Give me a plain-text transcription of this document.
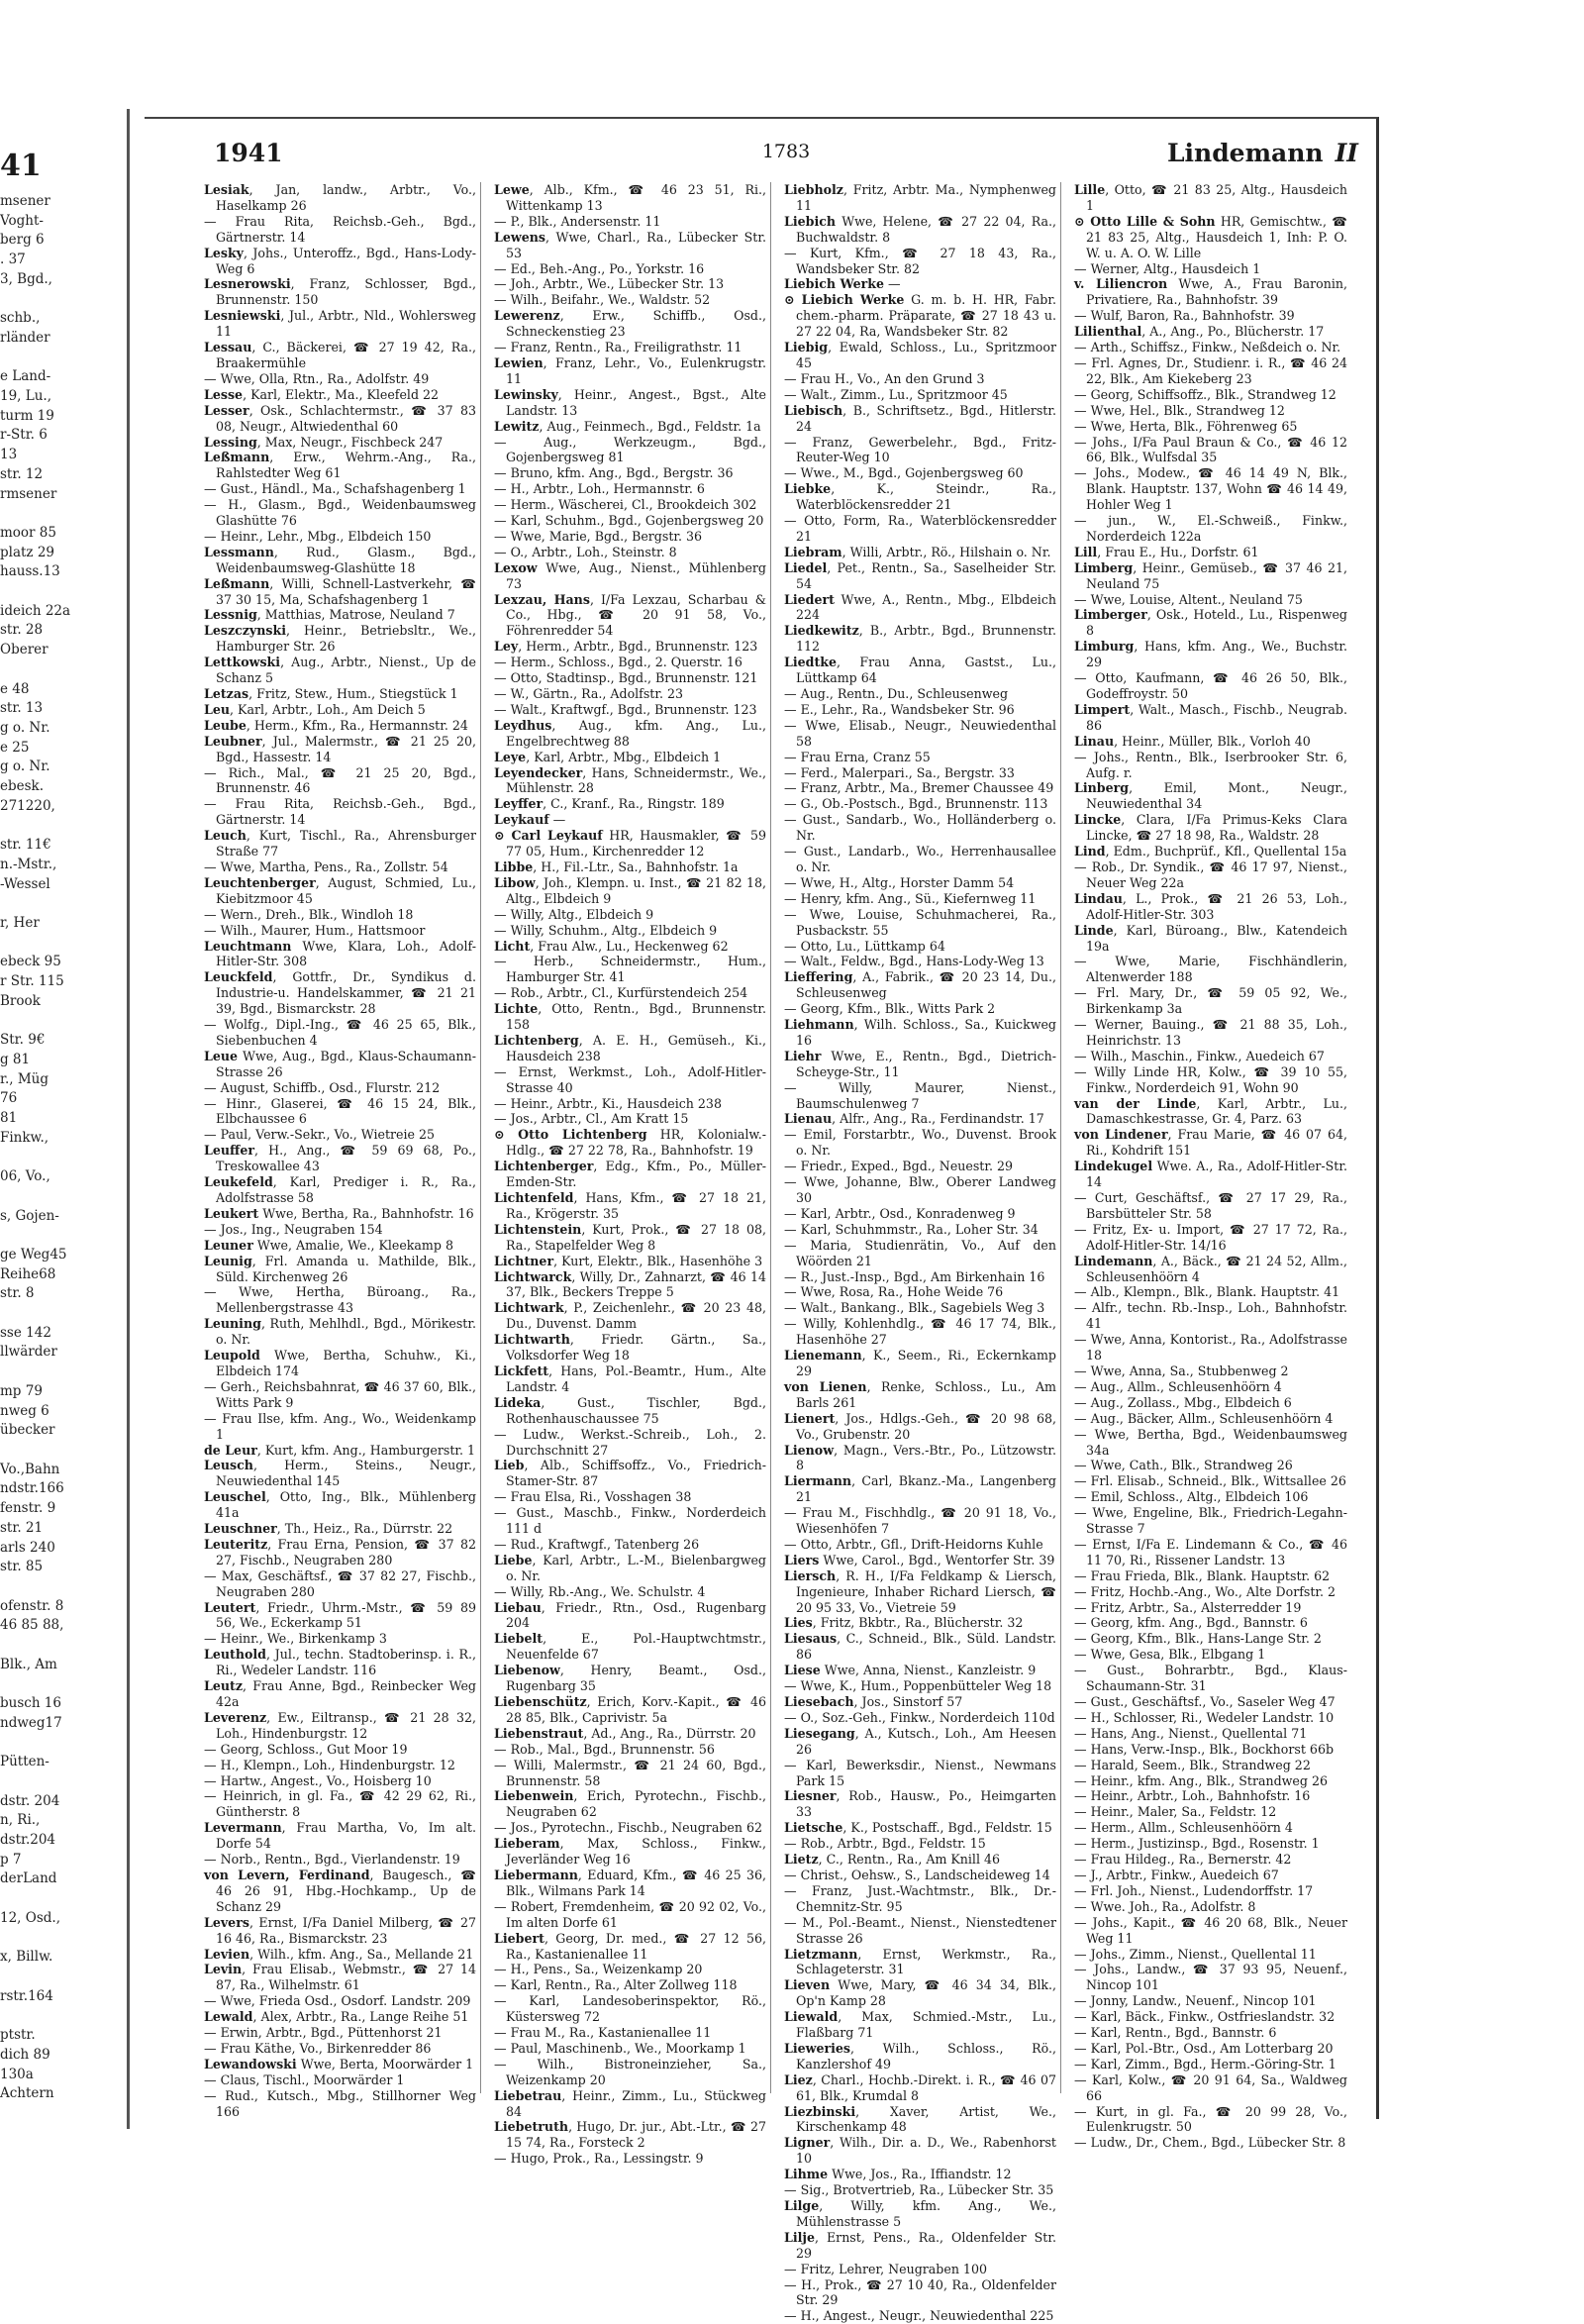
41
msener
Voght-
berg 6
. 37
3, Bgd.,

schb.,
rländer

e Land-
19, Lu.,
turm 19
r-Str. 6
13
str. 12
rmsener

moor 85
platz 29
hauss.13

ideich 22a
str. 28
Oberer

e 48
str. 13
g o. Nr.
e 25
g o. Nr.
ebesk.
271220,

str. 11€
n.-Mstr.,
-Wessel

r, Her

ebeck 95
r Str. 115
Brook

Str. 9€
g 81
r., Müg
76
81
Finkw.,

06, Vo.,

s, Gojen-

ge Weg45
Reihe68
str. 8

sse 142
llwärder

mp 79
nweg 6
übecker

Vo.,Bahn
ndstr.166
fenstr. 9
str. 21
arls 240
str. 85

ofenstr. 8
46 85 88,

Blk., Am

busch 16
ndweg17

Pütten-

dstr. 204
n, Ri.,
dstr.204
p 7
derLand

12, Osd.,

x, Billw.

rstr.164

ptstr.
dich 89
130a
Achtern
1941	1783	Lindemann II

Lesiak, Jan, landw., Arbtr., Vo., Haselkamp 26

— Frau Rita, Reichsb.-Geh., Bgd., Gärtnerstr. 14

Lesky, Johs., Unteroffz., Bgd., Hans-Lody-Weg 6

Lesnerowski, Franz, Schlosser, Bgd., Brunnenstr. 150

Lesniewski, Jul., Arbtr., Nld., Wohlersweg 11

Lessau, C., Bäckerei, ☎ 27 19 42, Ra., Braakermühle

— Wwe, Olla, Rtn., Ra., Adolfstr. 49

Lesse, Karl, Elektr., Ma., Kleefeld 22

Lesser, Osk., Schlachtermstr., ☎ 37 83 08, Neugr., Altwiedenthal 60

Lessing, Max, Neugr., Fischbeck 247

Leßmann, Erw., Wehrm.-Ang., Ra., Rahlstedter Weg 61

— Gust., Händl., Ma., Schafshagenberg 1

— H., Glasm., Bgd., Weidenbaumsweg Glashütte 76

— Heinr., Lehr., Mbg., Elbdeich 150

Lessmann, Rud., Glasm., Bgd., Weidenbaumsweg-Glashütte 18

Leßmann, Willi, Schnell-Lastverkehr, ☎ 37 30 15, Ma, Schafshagenberg 1

Lessnig, Matthias, Matrose, Neuland 7

Leszczynski, Heinr., Betriebsltr., We., Hamburger Str. 26

Lettkowski, Aug., Arbtr., Nienst., Up de Schanz 5

Letzas, Fritz, Stew., Hum., Stiegstück 1

Leu, Karl, Arbtr., Loh., Am Deich 5

Leube, Herm., Kfm., Ra., Hermannstr. 24

Leubner, Jul., Malermstr., ☎ 21 25 20, Bgd., Hassestr. 14

— Rich., Mal., ☎ 21 25 20, Bgd., Brunnenstr. 46

— Frau Rita, Reichsb.-Geh., Bgd., Gärtnerstr. 14

Leuch, Kurt, Tischl., Ra., Ahrensburger Straße 77

— Wwe, Martha, Pens., Ra., Zollstr. 54

Leuchtenberger, August, Schmied, Lu., Kiebitzmoor 45

— Wern., Dreh., Blk., Windloh 18

— Wilh., Maurer, Hum., Hattsmoor

Leuchtmann Wwe, Klara, Loh., Adolf-Hitler-Str. 308

Leuckfeld, Gottfr., Dr., Syndikus d. Industrie-u. Handelskammer, ☎ 21 21 39, Bgd., Bismarckstr. 28

— Wolfg., Dipl.-Ing., ☎ 46 25 65, Blk., Siebenbuchen 4

Leue Wwe, Aug., Bgd., Klaus-Schaumann-Strasse 26

— August, Schiffb., Osd., Flurstr. 212

— Hinr., Glaserei, ☎ 46 15 24, Blk., Elbchaussee 6

— Paul, Verw.-Sekr., Vo., Wietreie 25

Leuffer, H., Ang., ☎ 59 69 68, Po., Treskowallee 43

Leukefeld, Karl, Prediger i. R., Ra., Adolfstrasse 58

Leukert Wwe, Bertha, Ra., Bahnhofstr. 16

— Jos., Ing., Neugraben 154

Leuner Wwe, Amalie, We., Kleekamp 8

Leunig, Frl. Amanda u. Mathilde, Blk., Süld. Kirchenweg 26

— Wwe, Hertha, Büroang., Ra., Mellenbergstrasse 43

Leuning, Ruth, Mehlhdl., Bgd., Mörikestr. o. Nr.

Leupold Wwe, Bertha, Schuhw., Ki., Elbdeich 174

— Gerh., Reichsbahnrat, ☎ 46 37 60, Blk., Witts Park 9

— Frau Ilse, kfm. Ang., Wo., Weidenkamp 1

de Leur, Kurt, kfm. Ang., Hamburgerstr. 1

Leusch, Herm., Steins., Neugr., Neuwiedenthal 145

Leuschel, Otto, Ing., Blk., Mühlenberg 41a

Leuschner, Th., Heiz., Ra., Dürrstr. 22

Leuteritz, Frau Erna, Pension, ☎ 37 82 27, Fischb., Neugraben 280

— Max, Geschäftsf., ☎ 37 82 27, Fischb., Neugraben 280

Leutert, Friedr., Uhrm.-Mstr., ☎ 59 89 56, We., Eckerkamp 51

— Heinr., We., Birkenkamp 3

Leuthold, Jul., techn. Stadtoberinsp. i. R., Ri., Wedeler Landstr. 116

Leutz, Frau Anne, Bgd., Reinbecker Weg 42a

Leverenz, Ew., Eiltransp., ☎ 21 28 32, Loh., Hindenburgstr. 12

— Georg, Schloss., Gut Moor 19

— H., Klempn., Loh., Hindenburgstr. 12

— Hartw., Angest., Vo., Hoisberg 10

— Heinrich, in gl. Fa., ☎ 42 29 62, Ri., Güntherstr. 8

Levermann, Frau Martha, Vo, Im alt. Dorfe 54

— Norb., Rentn., Bgd., Vierlandenstr. 19

von Levern, Ferdinand, Baugesch., ☎ 46 26 91, Hbg.-Hochkamp., Up de Schanz 29

Levers, Ernst, I/Fa Daniel Milberg, ☎ 27 16 46, Ra., Bismarckstr. 23

Levien, Wilh., kfm. Ang., Sa., Mellande 21

Levin, Frau Elisab., Webmstr., ☎ 27 14 87, Ra., Wilhelmstr. 61

— Wwe, Frieda Osd., Osdorf. Landstr. 209

Lewald, Alex, Arbtr., Ra., Lange Reihe 51

— Erwin, Arbtr., Bgd., Püttenhorst 21

— Frau Käthe, Vo., Birkenredder 86

Lewandowski Wwe, Berta, Moorwärder 1

— Claus, Tischl., Moorwärder 1

— Rud., Kutsch., Mbg., Stillhorner Weg 166

Lewe, Alb., Kfm., ☎ 46 23 51, Ri., Wittenkamp 13

— P., Blk., Andersenstr. 11

Lewens, Wwe, Charl., Ra., Lübecker Str. 53

— Ed., Beh.-Ang., Po., Yorkstr. 16

— Joh., Arbtr., We., Lübecker Str. 13

— Wilh., Beifahr., We., Waldstr. 52

Lewerenz, Erw., Schiffb., Osd., Schneckenstieg 23

— Franz, Rentn., Ra., Freiligrathstr. 11

Lewien, Franz, Lehr., Vo., Eulenkrugstr. 11

Lewinsky, Heinr., Angest., Bgst., Alte Landstr. 13

Lewitz, Aug., Feinmech., Bgd., Feldstr. 1a

— Aug., Werkzeugm., Bgd., Gojenbergsweg 81

— Bruno, kfm. Ang., Bgd., Bergstr. 36

— H., Arbtr., Loh., Hermannstr. 6

— Herm., Wäscherei, Cl., Brookdeich 302

— Karl, Schuhm., Bgd., Gojenbergsweg 20

— Wwe, Marie, Bgd., Bergstr. 36

— O., Arbtr., Loh., Steinstr. 8

Lexow Wwe, Aug., Nienst., Mühlenberg 73

Lexzau, Hans, I/Fa Lexzau, Scharbau & Co., Hbg., ☎ 20 91 58, Vo., Föhrenredder 54

Ley, Herm., Arbtr., Bgd., Brunnenstr. 123

— Herm., Schloss., Bgd., 2. Querstr. 16

— Otto, Stadtinsp., Bgd., Brunnenstr. 121

— W., Gärtn., Ra., Adolfstr. 23

— Walt., Kraftwgf., Bgd., Brunnenstr. 123

Leydhus, Aug., kfm. Ang., Lu., Engelbrechtweg 88

Leye, Karl, Arbtr., Mbg., Elbdeich 1

Leyendecker, Hans, Schneidermstr., We., Mühlenstr. 28

Leyffer, C., Kranf., Ra., Ringstr. 189

Leykauf —

⊙ Carl Leykauf HR, Hausmakler, ☎ 59 77 05, Hum., Kirchenredder 12

Libbe, H., Fil.-Ltr., Sa., Bahnhofstr. 1a

Libow, Joh., Klempn. u. Inst., ☎ 21 82 18, Altg., Elbdeich 9

— Willy, Altg., Elbdeich 9

— Willy, Schuhm., Altg., Elbdeich 9

Licht, Frau Alw., Lu., Heckenweg 62

— Herb., Schneidermstr., Hum., Hamburger Str. 41

— Rob., Arbtr., Cl., Kurfürstendeich 254

Lichte, Otto, Rentn., Bgd., Brunnenstr. 158

Lichtenberg, A. E. H., Gemüseh., Ki., Hausdeich 238

— Ernst, Werkmst., Loh., Adolf-Hitler-Strasse 40

— Heinr., Arbtr., Ki., Hausdeich 238

— Jos., Arbtr., Cl., Am Kratt 15

⊙ Otto Lichtenberg HR, Kolonialw.-Hdlg., ☎ 27 22 78, Ra., Bahnhofstr. 19

Lichtenberger, Edg., Kfm., Po., Müller-Emden-Str.

Lichtenfeld, Hans, Kfm., ☎ 27 18 21, Ra., Krögerstr. 35

Lichtenstein, Kurt, Prok., ☎ 27 18 08, Ra., Stapelfelder Weg 8

Lichtner, Kurt, Elektr., Blk., Hasenhöhe 3

Lichtwarck, Willy, Dr., Zahnarzt, ☎ 46 14 37, Blk., Beckers Treppe 5

Lichtwark, P., Zeichenlehr., ☎ 20 23 48, Du., Duvenst. Damm

Lichtwarth, Friedr. Gärtn., Sa., Volksdorfer Weg 18

Lickfett, Hans, Pol.-Beamtr., Hum., Alte Landstr. 4

Lideka, Gust., Tischler, Bgd., Rothenhauschaussee 75

— Ludw., Werkst.-Schreib., Loh., 2. Durchschnitt 27

Lieb, Alb., Schiffsoffz., Vo., Friedrich-Stamer-Str. 87

— Frau Elsa, Ri., Vosshagen 38

— Gust., Maschb., Finkw., Norderdeich 111 d

— Rud., Kraftwgf., Tatenberg 26

Liebe, Karl, Arbtr., L.-M., Bielenbargweg o. Nr.

— Willy, Rb.-Ang., We. Schulstr. 4

Liebau, Friedr., Rtn., Osd., Rugenbarg 204

Liebelt, E., Pol.-Hauptwchtmstr., Neuenfelde 67

Liebenow, Henry, Beamt., Osd., Rugenbarg 35

Liebenschütz, Erich, Korv.-Kapit., ☎ 46 28 85, Blk., Caprivistr. 5a

Liebenstraut, Ad., Ang., Ra., Dürrstr. 20

— Rob., Mal., Bgd., Brunnenstr. 56

— Willi, Malermstr., ☎ 21 24 60, Bgd., Brunnenstr. 58

Liebenwein, Erich, Pyrotechn., Fischb., Neugraben 62

— Jos., Pyrotechn., Fischb., Neugraben 62

Lieberam, Max, Schloss., Finkw., Jeverländer Weg 16

Liebermann, Eduard, Kfm., ☎ 46 25 36, Blk., Wilmans Park 14

— Robert, Fremdenheim, ☎ 20 92 02, Vo., Im alten Dorfe 61

Liebert, Georg, Dr. med., ☎ 27 12 56, Ra., Kastanienallee 11

— H., Pens., Sa., Weizenkamp 20

— Karl, Rentn., Ra., Alter Zollweg 118

— Karl, Landesoberinspektor, Rö., Küstersweg 72

— Frau M., Ra., Kastanienallee 11

— Paul, Maschinenb., We., Moorkamp 1

— Wilh., Bistroneinzieher, Sa., Weizenkamp 20

Liebetrau, Heinr., Zimm., Lu., Stückweg 84

Liebetruth, Hugo, Dr. jur., Abt.-Ltr., ☎ 27 15 74, Ra., Forsteck 2

— Hugo, Prok., Ra., Lessingstr. 9

Liebholz, Fritz, Arbtr. Ma., Nymphenweg 11

Liebich Wwe, Helene, ☎ 27 22 04, Ra., Buchwaldstr. 8

— Kurt, Kfm., ☎ 27 18 43, Ra., Wandsbeker Str. 82

Liebich Werke —

⊙ Liebich Werke G. m. b. H. HR, Fabr. chem.-pharm. Präparate, ☎ 27 18 43 u. 27 22 04, Ra, Wandsbeker Str. 82

Liebig, Ewald, Schloss., Lu., Spritzmoor 45

— Frau H., Vo., An den Grund 3

— Walt., Zimm., Lu., Spritzmoor 45

Liebisch, B., Schriftsetz., Bgd., Hitlerstr. 24

— Franz, Gewerbelehr., Bgd., Fritz-Reuter-Weg 10

— Wwe., M., Bgd., Gojenbergsweg 60

Liebke, K., Steindr., Ra., Waterblöckensredder 21

— Otto, Form, Ra., Waterblöckensredder 21

Liebram, Willi, Arbtr., Rö., Hilshain o. Nr.

Liedel, Pet., Rentn., Sa., Saselheider Str. 54

Liedert Wwe, A., Rentn., Mbg., Elbdeich 224

Liedkewitz, B., Arbtr., Bgd., Brunnenstr. 112

Liedtke, Frau Anna, Gastst., Lu., Lüttkamp 64

— Aug., Rentn., Du., Schleusenweg

— E., Lehr., Ra., Wandsbeker Str. 96

— Wwe, Elisab., Neugr., Neuwiedenthal 58

— Frau Erna, Cranz 55

— Ferd., Malerpari., Sa., Bergstr. 33

— Franz, Arbtr., Ma., Bremer Chaussee 49

— G., Ob.-Postsch., Bgd., Brunnenstr. 113

— Gust., Sandarb., Wo., Holländerberg o. Nr.

— Gust., Landarb., Wo., Herrenhausallee o. Nr.

— Wwe, H., Altg., Horster Damm 54

— Henry, kfm. Ang., Sü., Kiefernweg 11

— Wwe, Louise, Schuhmacherei, Ra., Pusbackstr. 55

— Otto, Lu., Lüttkamp 64

— Walt., Feldw., Bgd., Hans-Lody-Weg 13

Lieffering, A., Fabrik., ☎ 20 23 14, Du., Schleusenweg

— Georg, Kfm., Blk., Witts Park 2

Liehmann, Wilh. Schloss., Sa., Kuickweg 16

Liehr Wwe, E., Rentn., Bgd., Dietrich-Scheyge-Str., 11

— Willy, Maurer, Nienst., Baumschulenweg 7

Lienau, Alfr., Ang., Ra., Ferdinandstr. 17

— Emil, Forstarbtr., Wo., Duvenst. Brook o. Nr.

— Friedr., Exped., Bgd., Neuestr. 29

— Wwe, Johanne, Blw., Oberer Landweg 30

— Karl, Arbtr., Osd., Konradenweg 9

— Karl, Schuhmmstr., Ra., Loher Str. 34

— Maria, Studienrätin, Vo., Auf den Wöörden 21

— R., Just.-Insp., Bgd., Am Birkenhain 16

— Wwe, Rosa, Ra., Hohe Weide 76

— Walt., Bankang., Blk., Sagebiels Weg 3

— Willy, Kohlenhdlg., ☎ 46 17 74, Blk., Hasenhöhe 27

Lienemann, K., Seem., Ri., Eckernkamp 29

von Lienen, Renke, Schloss., Lu., Am Barls 261

Lienert, Jos., Hdlgs.-Geh., ☎ 20 98 68, Vo., Grubenstr. 20

Lienow, Magn., Vers.-Btr., Po., Lützowstr. 8

Liermann, Carl, Bkanz.-Ma., Langenberg 21

— Frau M., Fischhdlg., ☎ 20 91 18, Vo., Wiesenhöfen 7

— Otto, Arbtr., Gfl., Drift-Heidorns Kuhle

Liers Wwe, Carol., Bgd., Wentorfer Str. 39

Liersch, R. H., I/Fa Feldkamp & Liersch, Ingenieure, Inhaber Richard Liersch, ☎ 20 95 33, Vo., Vietreie 59

Lies, Fritz, Bkbtr., Ra., Blücherstr. 32

Liesaus, C., Schneid., Blk., Süld. Landstr. 86

Liese Wwe, Anna, Nienst., Kanzleistr. 9

— Wwe, K., Hum., Poppenbütteler Weg 18

Liesebach, Jos., Sinstorf 57

— O., Soz.-Geh., Finkw., Norderdeich 110d

Liesegang, A., Kutsch., Loh., Am Heesen 26

— Karl, Bewerksdir., Nienst., Newmans Park 15

Liesner, Rob., Hausw., Po., Heimgarten 33

Lietsche, K., Postschaff., Bgd., Feldstr. 15

— Rob., Arbtr., Bgd., Feldstr. 15

Lietz, C., Rentn., Ra., Am Knill 46

— Christ., Oehsw., S., Landscheideweg 14

— Franz, Just.-Wachtmstr., Blk., Dr.-Chemnitz-Str. 95

— M., Pol.-Beamt., Nienst., Nienstedtener Strasse 26

Lietzmann, Ernst, Werkmstr., Ra., Schlageterstr. 31

Lieven Wwe, Mary, ☎ 46 34 34, Blk., Op'n Kamp 28

Liewald, Max, Schmied.-Mstr., Lu., Flaßbarg 71

Lieweries, Wilh., Schloss., Rö., Kanzlershof 49

Liez, Charl., Hochb.-Direkt. i. R., ☎ 46 07 61, Blk., Krumdal 8

Liezbinski, Xaver, Artist, We., Kirschenkamp 48

Ligner, Wilh., Dir. a. D., We., Rabenhorst 10

Lihme Wwe, Jos., Ra., Iffiandstr. 12

— Sig., Brotvertrieb, Ra., Lübecker Str. 35

Lilge, Willy, kfm. Ang., We., Mühlenstrasse 5

Lilje, Ernst, Pens., Ra., Oldenfelder Str. 29

— Fritz, Lehrer, Neugraben 100

— H., Prok., ☎ 27 10 40, Ra., Oldenfelder Str. 29

— H., Angest., Neugr., Neuwiedenthal 225

Lille, Otto, ☎ 21 83 25, Altg., Hausdeich 1

⊙ Otto Lille & Sohn HR, Gemischtw., ☎ 21 83 25, Altg., Hausdeich 1, Inh: P. O. W. u. A. O. W. Lille

— Werner, Altg., Hausdeich 1

v. Liliencron Wwe, A., Frau Baronin, Privatiere, Ra., Bahnhofstr. 39

— Wulf, Baron, Ra., Bahnhofstr. 39

Lilienthal, A., Ang., Po., Blücherstr. 17

— Arth., Schiffsz., Finkw., Neßdeich o. Nr.

— Frl. Agnes, Dr., Studienr. i. R., ☎ 46 24 22, Blk., Am Kiekeberg 23

— Georg, Schiffsoffz., Blk., Strandweg 12

— Wwe, Hel., Blk., Strandweg 12

— Wwe, Herta, Blk., Föhrenweg 65

— Johs., I/Fa Paul Braun & Co., ☎ 46 12 66, Blk., Wulfsdal 35

— Johs., Modew., ☎ 46 14 49 N, Blk., Blank. Hauptstr. 137, Wohn ☎ 46 14 49, Hohler Weg 1

— jun., W., El.-Schweiß., Finkw., Norderdeich 122a

Lill, Frau E., Hu., Dorfstr. 61

Limberg, Heinr., Gemüseb., ☎ 37 46 21, Neuland 75

— Wwe, Louise, Altent., Neuland 75

Limberger, Osk., Hoteld., Lu., Rispenweg 8

Limburg, Hans, kfm. Ang., We., Buchstr. 29

— Otto, Kaufmann, ☎ 46 26 50, Blk., Godeffroystr. 50

Limpert, Walt., Masch., Fischb., Neugrab. 86

Linau, Heinr., Müller, Blk., Vorloh 40

— Johs., Rentn., Blk., Iserbrooker Str. 6, Aufg. r.

Linberg, Emil, Mont., Neugr., Neuwiedenthal 34

Lincke, Clara, I/Fa Primus-Keks Clara Lincke, ☎ 27 18 98, Ra., Waldstr. 28

Lind, Edm., Buchprüf., Kfl., Quellental 15a

— Rob., Dr. Syndik., ☎ 46 17 97, Nienst., Neuer Weg 22a

Lindau, L., Prok., ☎ 21 26 53, Loh., Adolf-Hitler-Str. 303

Linde, Karl, Büroang., Blw., Katendeich 19a

— Wwe, Marie, Fischhändlerin, Altenwerder 188

— Frl. Mary, Dr., ☎ 59 05 92, We., Birkenkamp 3a

— Werner, Bauing., ☎ 21 88 35, Loh., Heinrichstr. 13

— Wilh., Maschin., Finkw., Auedeich 67

— Willy Linde HR, Kolw., ☎ 39 10 55, Finkw., Norderdeich 91, Wohn 90

van der Linde, Karl, Arbtr., Lu., Damaschkestrasse, Gr. 4, Parz. 63

von Lindener, Frau Marie, ☎ 46 07 64, Ri., Kohdrift 151

Lindekugel Wwe. A., Ra., Adolf-Hitler-Str. 14

— Curt, Geschäftsf., ☎ 27 17 29, Ra., Barsbütteler Str. 58

— Fritz, Ex- u. Import, ☎ 27 17 72, Ra., Adolf-Hitler-Str. 14/16

Lindemann, A., Bäck., ☎ 21 24 52, Allm., Schleusenhöörn 4

— Alb., Klempn., Blk., Blank. Hauptstr. 41

— Alfr., techn. Rb.-Insp., Loh., Bahnhofstr. 41

— Wwe, Anna, Kontorist., Ra., Adolfstrasse 18

— Wwe, Anna, Sa., Stubbenweg 2

— Aug., Allm., Schleusenhöörn 4

— Aug., Zollass., Mbg., Elbdeich 6

— Aug., Bäcker, Allm., Schleusenhöörn 4

— Wwe, Bertha, Bgd., Weidenbaumsweg 34a

— Wwe, Cath., Blk., Strandweg 26

— Frl. Elisab., Schneid., Blk., Wittsallee 26

— Emil, Schloss., Altg., Elbdeich 106

— Wwe, Engeline, Blk., Friedrich-Legahn-Strasse 7

— Ernst, I/Fa E. Lindemann & Co., ☎ 46 11 70, Ri., Rissener Landstr. 13

— Frau Frieda, Blk., Blank. Hauptstr. 62

— Fritz, Hochb.-Ang., Wo., Alte Dorfstr. 2

— Fritz, Arbtr., Sa., Alsterredder 19

— Georg, kfm. Ang., Bgd., Bannstr. 6

— Georg, Kfm., Blk., Hans-Lange Str. 2

— Wwe, Gesa, Blk., Elbgang 1

— Gust., Bohrarbtr., Bgd., Klaus-Schaumann-Str. 31

— Gust., Geschäftsf., Vo., Saseler Weg 47

— H., Schlosser, Ri., Wedeler Landstr. 10

— Hans, Ang., Nienst., Quellental 71

— Hans, Verw.-Insp., Blk., Bockhorst 66b

— Harald, Seem., Blk., Strandweg 22

— Heinr., kfm. Ang., Blk., Strandweg 26

— Heinr., Arbtr., Loh., Bahnhofstr. 16

— Heinr., Maler, Sa., Feldstr. 12

— Herm., Allm., Schleusenhöörn 4

— Herm., Justizinsp., Bgd., Rosenstr. 1

— Frau Hildeg., Ra., Bernerstr. 42

— J., Arbtr., Finkw., Auedeich 67

— Frl. Joh., Nienst., Ludendorffstr. 17

— Wwe. Joh., Ra., Adolfstr. 8

— Johs., Kapit., ☎ 46 20 68, Blk., Neuer Weg 11

— Johs., Zimm., Nienst., Quellental 11

— Johs., Landw., ☎ 37 93 95, Neuenf., Nincop 101

— Jonny, Landw., Neuenf., Nincop 101

— Karl, Bäck., Finkw., Ostfrieslandstr. 32

— Karl, Rentn., Bgd., Bannstr. 6

— Karl, Pol.-Btr., Osd., Am Lotterbarg 20

— Karl, Zimm., Bgd., Herm.-Göring-Str. 1

— Karl, Kolw., ☎ 20 91 64, Sa., Waldweg 66

— Kurt, in gl. Fa., ☎ 20 99 28, Vo., Eulenkrugstr. 50

— Ludw., Dr., Chem., Bgd., Lübecker Str. 8
